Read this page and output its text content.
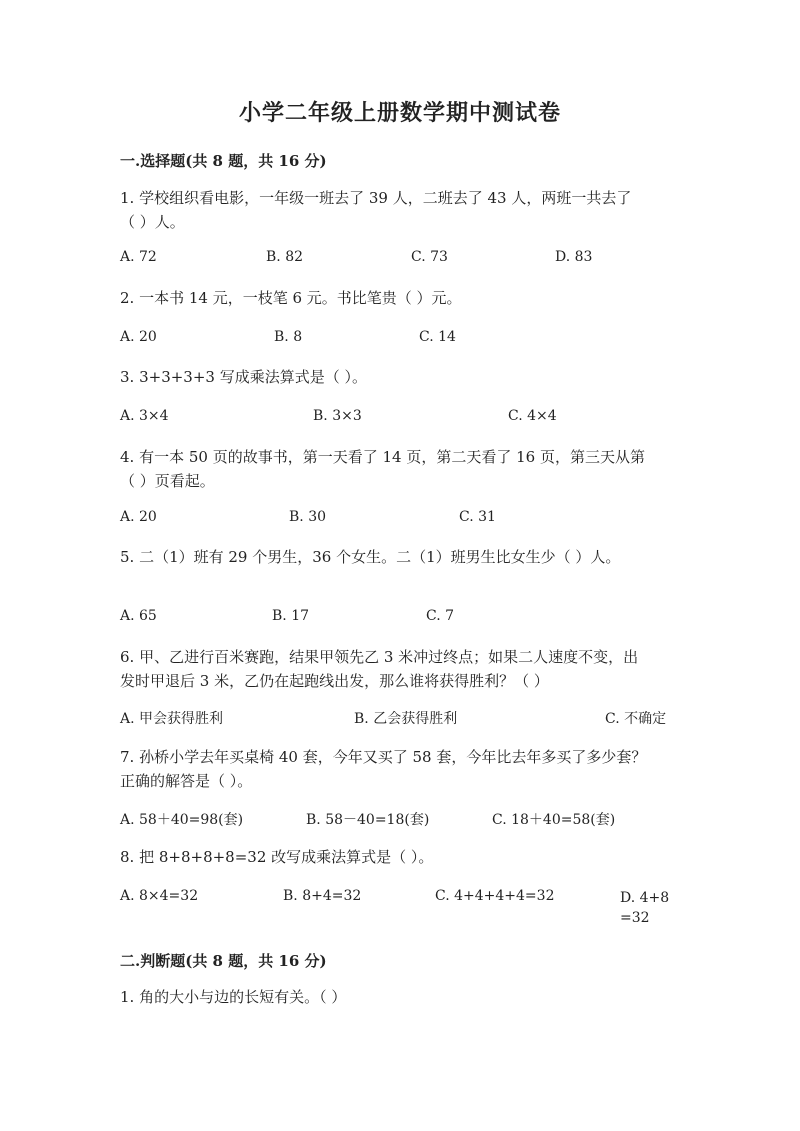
小学二年级上册数学期中测试卷
一.选择题(共 8 题，共 16 分)
1. 学校组织看电影，一年级一班去了 39 人，二班去了 43 人，两班一共去了
（ ）人。
A. 72	B. 82	C. 73	D. 83
2. 一本书 14 元，一枝笔 6 元。书比笔贵（ ）元。
A. 20	B. 8	C. 14
3. 3+3+3+3 写成乘法算式是（ ）。
A. 3×4	B. 3×3	C. 4×4
4. 有一本 50 页的故事书，第一天看了 14 页，第二天看了 16 页，第三天从第
（ ）页看起。
A. 20	B. 30	C. 31
5. 二（1）班有 29 个男生，36 个女生。二（1）班男生比女生少（ ）人。
A. 65	B. 17	C. 7
6. 甲、乙进行百米赛跑，结果甲领先乙 3 米冲过终点；如果二人速度不变，出
发时甲退后 3 米，乙仍在起跑线出发，那么谁将获得胜利？（ ）
A. 甲会获得胜利	B. 乙会获得胜利	C. 不确定
7. 孙桥小学去年买桌椅 40 套，今年又买了 58 套，今年比去年多买了多少套？
正确的解答是（ ）。
A. 58＋40=98(套)	B. 58－40=18(套)	C. 18＋40=58(套)
8. 把 8+8+8+8=32 改写成乘法算式是（ ）。
A. 8×4=32	B. 8+4=32	C. 4+4+4+4=32	D. 4+8=32
二.判断题(共 8 题，共 16 分)
1. 角的大小与边的长短有关。（ ）
